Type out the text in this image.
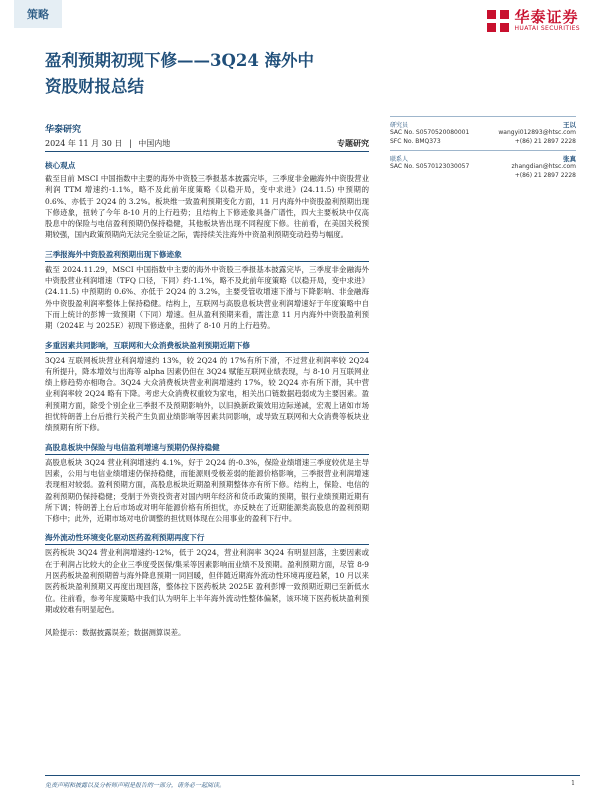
策略	华泰证券
HUATAI SECURITIES
盈利预期初现下修——3Q24 海外中
资股财报总结
华泰研究
2024 年 11 月 30 日 | 中国内地	专题研究
核心观点
截至目前 MSCI 中国指数中主要的海外中资股三季报基本披露完毕，三季度非金融海外中资股营业利润 TTM 增速约-1.1%，略不及此前年度策略《以稳开局，变中求进》(24.11.5) 中预期的 0.6%、亦低于 2Q24 的 3.2%。板块维一致盈利预期变化方面，11 月内海外中资股盈利预期出现下修迹象，扭转了今年 8-10 月的上行趋势；且结构上下修迹象具备广谱性，四大主要板块中仅高股息中的保险与电信盈利预期仍保持稳健，其他板块皆出现不同程度下修。往前看，在美国关税预期较强，国内政策预期尚无法完全验证之际，需持续关注海外中资盈利预期变动趋势与幅度。
三季报海外中资股盈利预期出现下修迹象
截至 2024.11.29，MSCI 中国指数中主要的海外中资股三季报基本披露完毕，三季度非金融海外中资股营业利润增速（TFQ 口径，下同）约-1.1%，略不及此前年度策略《以稳开局，变中求进》(24.11.5) 中预期的 0.6%、亦低于 2Q24 的 3.2%，主要受管收增速下滑与下降影响、非金融海外中资股盈利润率整体上保持稳健。结构上，互联网与高股息板块营业利润增速好于年度策略中自下而上统计的彭博一致预期（下同）增速。但从盈利预期来看，需注意 11 月内海外中资股盈利预期（2024E 与 2025E）初现下修迹象，扭转了 8-10 月的上行趋势。
多重因素共同影响，互联网和大众消费板块盈利预期近期下修
3Q24 互联网板块营业利润增速约 13%，较 2Q24 的 17%有所下滑，不过营业利润率较 2Q24 有所提升，降本增效与出海等 alpha 因素仍但在 3Q24 赋能互联网业绩表现，与 8-10 月互联网业绩上修趋势亦相吻合。3Q24 大众消费板块营业利润增速约 17%，较 2Q24 亦有所下滑，其中营业利润率较 2Q24 略有下降。考虑大众消费权重较为家电，相关出口链数据趋弱成为主要因素。盈利预期方面，除受个别企业三季报不及预期影响外，以旧换新政策效用边际递减，宏观上诸如市场担忧特朗普上台后推行关税产生负面业绩影响等因素共同影响，或导致互联网和大众消费等板块业绩预期有所下修。
高股息板块中保险与电信盈利增速与预期仍保持稳健
高股息板块 3Q24 营业利润增速约 4.1%，好于 2Q24 的-0.3%，保险业绩增速三季度较优是主导因素，公用与电信业绩增速仍保持稳健，而能源则受极差弱的能源价格影响，三季报营业利润增速表现相对较弱。盈利预期方面，高股息板块近期盈利预期整体亦有所下修。结构上，保险、电信的盈利预期仍保持稳健；受制于外资投资者对国内明年经济和货币政策的预期，银行业绩预期近期有所下调；特朗普上台后市场或对明年能源价格有所担忧，亦反映在了近期能源类高股息的盈利预期下修中；此外，近期市场对电价调整的担忧则体现在公用事业的盈利下行中。
海外流动性环境变化驱动医药盈利预期再度下行
医药板块 3Q24 营业利润增速约-12%，低于 2Q24，营业利润率 3Q24 有明显回落，主要因素或在于利润占比较大的企业三季度受医保/集采等因素影响而业绩不及预期。盈利预期方面，尽管 8-9 月医药板块盈利预期曾与海外降息预期一同回暖，但伴随近期海外流动性环境再度趋紧，10 月以来医药板块盈利预期又再度出现回落，整体拉下医药板块 2025E 盈利彭博一致预期近期已至新低水位。往前看，参考年度策略中我们认为明年上半年海外流动性整体偏紧，该环境下医药板块盈利预期或较难有明显起色。
风险提示：数据披露误差；数据测算误差。
研究员	王以
SAC No. S0570520080001	wangyi012893@htsc.com
SFC No. BMQ373	+(86) 21 2897 2228
联系人	张真
SAC No. S0570123030057	zhangdian@htsc.com
+(86) 21 2897 2228
免责声明和披露以及分析师声明是报告的一部分，请务必一起阅读。	1
